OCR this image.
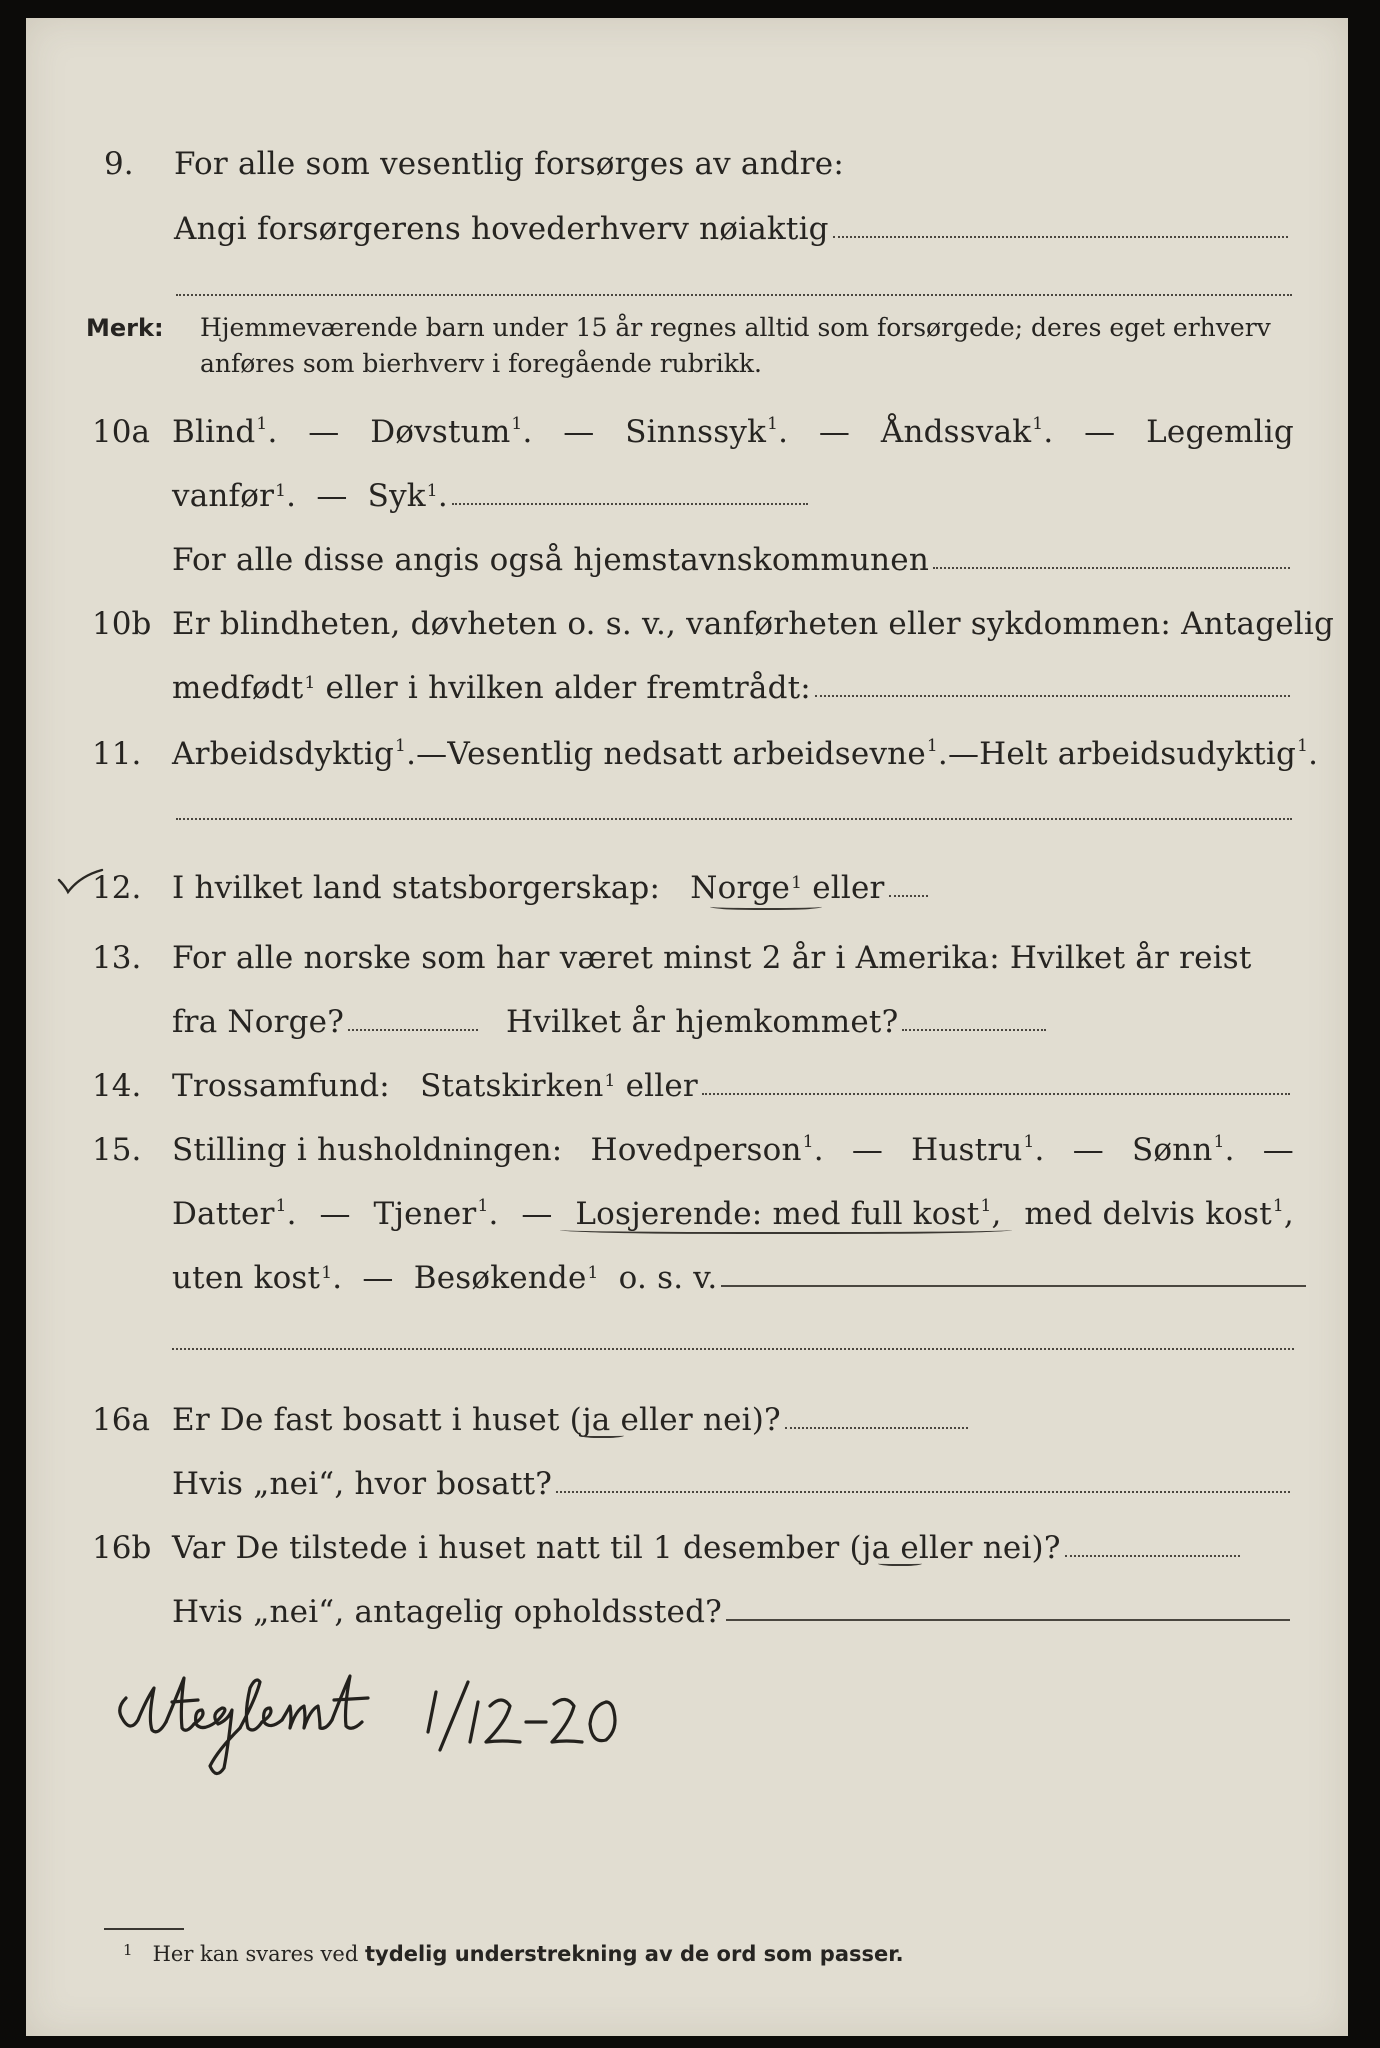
9. For alle som vesentlig forsørges av andre:
Angi forsørgerens hovederhverv nøiaktig
Merk: Hjemmeværende barn under 15 år regnes alltid som forsørgede; deres eget erhverv anføres som bierhverv i foregående rubrikk.
10a Blind$^1$. — Døvstum$^1$. — Sinnssyk$^1$. — Åndssvak$^1$. — Legemlig
vanfør 1 . —
Syk 1 .
For alle disse angis også hjemstavnskommunen
10b Er blindheten, døvheten o. s. v., vanførheten eller sykdommen: Antagelig
medfødt 1
eller i hvilken alder fremtrådt:
11. Arbeidsdyktig$^1$. — Vesentlig nedsatt arbeidsevne$^1$. — Helt arbeidsudyktig$^1$.
12. I hvilket land statsborgerskap:
Norge 1
eller
13. For alle norske som har været minst 2 år i Amerika: Hvilket år reist
fra Norge?	Hvilket år hjemkommet?
14. Trossamfund:
Statskirken 1
eller
15. Stilling i husholdningen: Hovedperson$^1$. — Hustru$^1$. — Sønn$^1$. —
Datter$^1$. — Tjener$^1$. — Losjerende: med full kost$^1$, med delvis kost$^1$,
uten kost 1 . —
Besøkende 1
o. s. v.
16a Er De fast bosatt i huset (ja eller nei)?
Hvis „nei“, hvor bosatt?
16b Var De tilstede i huset natt til 1 desember (ja eller nei)?
Hvis „nei“, antagelig opholdssted?
$^1$ Her kan svares ved tydelig understrekning av de ord som passer.
